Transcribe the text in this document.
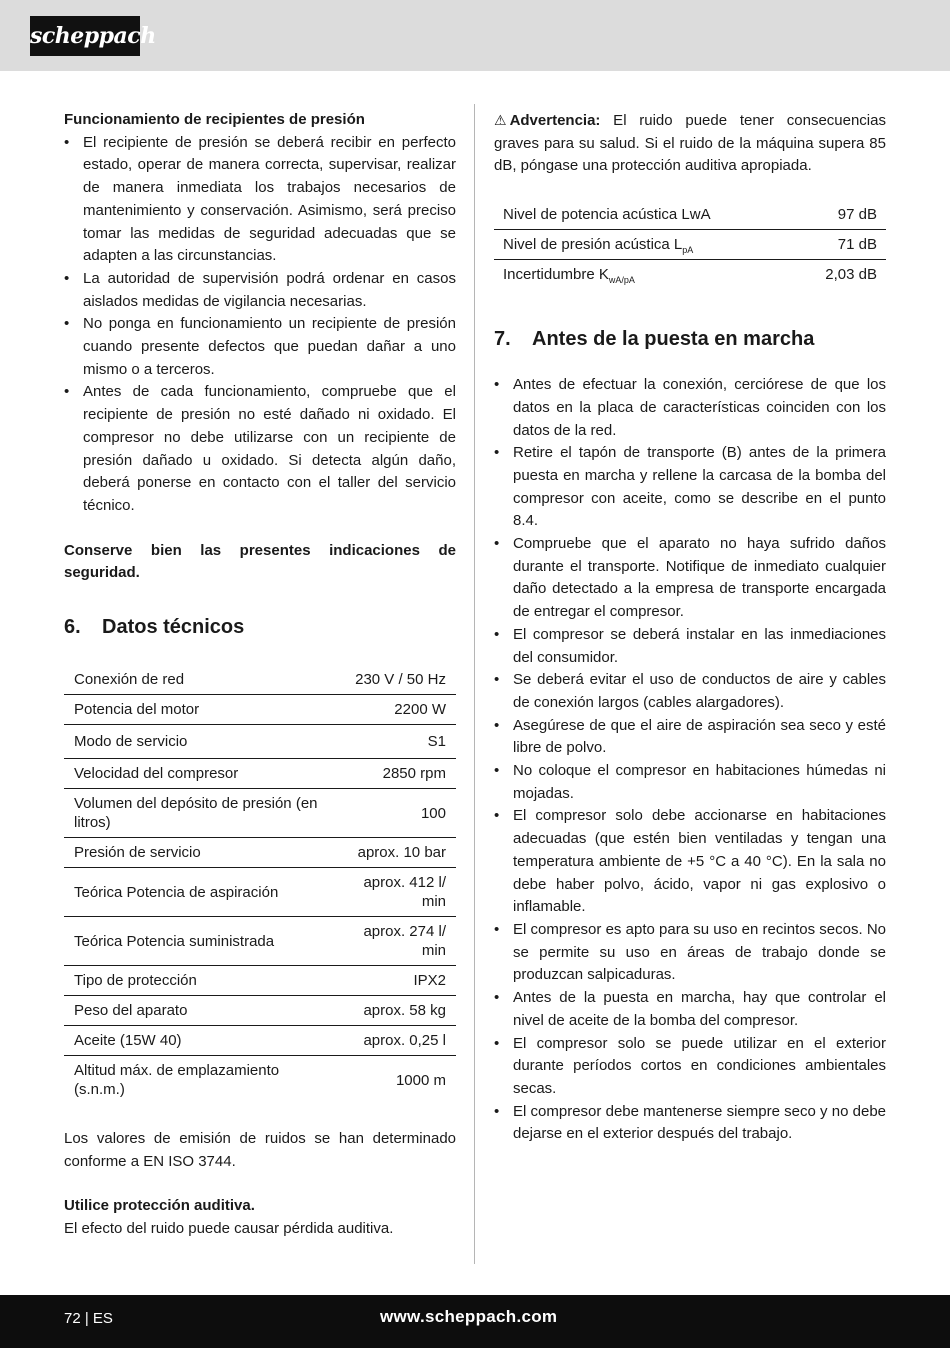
scheppach
Funcionamiento de recipientes de presión
• El recipiente de presión se deberá recibir en perfecto estado, operar de manera correcta, supervisar, realizar de manera inmediata los trabajos necesarios de mantenimiento y conservación. Asimismo, será preciso tomar las medidas de seguridad adecuadas que se adapten a las circunstancias.
• La autoridad de supervisión podrá ordenar en casos aislados medidas de vigilancia necesarias.
• No ponga en funcionamiento un recipiente de presión cuando presente defectos que puedan dañar a uno mismo o a terceros.
• Antes de cada funcionamiento, compruebe que el recipiente de presión no esté dañado ni oxidado. El compresor no debe utilizarse con un recipiente de presión dañado u oxidado. Si detecta algún daño, deberá ponerse en contacto con el taller del servicio técnico.

Conserve bien las presentes indicaciones de seguridad.

6. Datos técnicos
Conexión de red	230 V / 50 Hz
Potencia del motor	2200 W
Modo de servicio	S1
Velocidad del compresor	2850 rpm
Volumen del depósito de presión (en litros)	100
Presión de servicio	aprox. 10 bar
Teórica Potencia de aspiración	aprox. 412 l/ min
Teórica Potencia suministrada	aprox. 274 l/ min
Tipo de protección	IPX2
Peso del aparato	aprox. 58 kg
Aceite (15W 40)	aprox. 0,25 l
Altitud máx. de emplazamiento (s.n.m.)	1000 m

Los valores de emisión de ruidos se han determinado conforme a EN ISO 3744.

Utilice protección auditiva.

El efecto del ruido puede causar pérdida auditiva.

⚠ Advertencia: El ruido puede tener consecuencias graves para su salud. Si el ruido de la máquina supera 85 dB, póngase una protección auditiva apropiada.

Nivel de potencia acústica LwA	97 dB
Nivel de presión acústica $L_{pA}$	71 dB
Incertidumbre $K_{wA/pA}$	2,03 dB
7. Antes de la puesta en marcha
• Antes de efectuar la conexión, cerciórese de que los datos en la placa de características coinciden con los datos de la red.
• Retire el tapón de transporte (B) antes de la primera puesta en marcha y rellene la carcasa de la bomba del compresor con aceite, como se describe en el punto 8.4.
• Compruebe que el aparato no haya sufrido daños durante el transporte. Notifique de inmediato cualquier daño detectado a la empresa de transporte encargada de entregar el compresor.
• El compresor se deberá instalar en las inmediaciones del consumidor.
• Se deberá evitar el uso de conductos de aire y cables de conexión largos (cables alargadores).
• Asegúrese de que el aire de aspiración sea seco y esté libre de polvo.
• No coloque el compresor en habitaciones húmedas ni mojadas.
• El compresor solo debe accionarse en habitaciones adecuadas (que estén bien ventiladas y tengan una temperatura ambiente de +5 °C a 40 °C). En la sala no debe haber polvo, ácido, vapor ni gas explosivo o inflamable.
• El compresor es apto para su uso en recintos secos. No se permite su uso en áreas de trabajo donde se produzcan salpicaduras.
• Antes de la puesta en marcha, hay que controlar el nivel de aceite de la bomba del compresor.
• El compresor solo se puede utilizar en el exterior durante períodos cortos en condiciones ambientales secas.
• El compresor debe mantenerse siempre seco y no debe dejarse en el exterior después del trabajo.
72 | ES	www.scheppach.com
